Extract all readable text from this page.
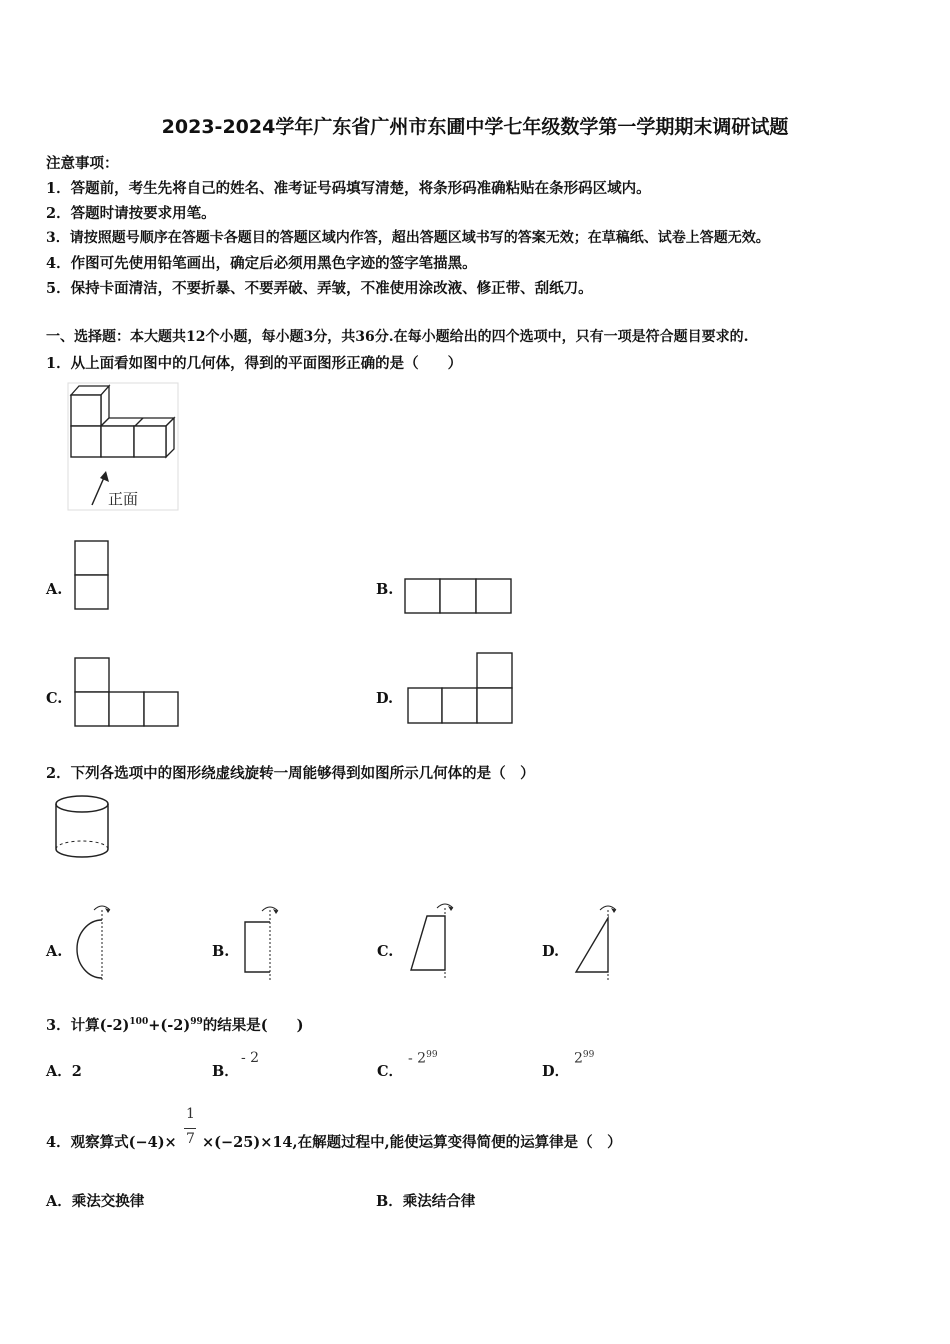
2023-2024学年广东省广州市东圃中学七年级数学第一学期期末调研试题
注意事项：
1．答题前，考生先将自己的姓名、准考证号码填写清楚，将条形码准确粘贴在条形码区域内。
2．答题时请按要求用笔。
3．请按照题号顺序在答题卡各题目的答题区域内作答，超出答题区域书写的答案无效；在草稿纸、试卷上答题无效。
4．作图可先使用铅笔画出，确定后必须用黑色字迹的签字笔描黑。
5．保持卡面清洁，不要折暴、不要弄破、弄皱，不准使用涂改液、修正带、刮纸刀。
一、选择题：本大题共12个小题，每小题3分，共36分.在每小题给出的四个选项中，只有一项是符合题目要求的.
1．从上面看如图中的几何体，得到的平面图形正确的是（　　）
正面
A.	B.
C.	D.
2．下列各选项中的图形绕虚线旋转一周能够得到如图所示几何体的是（　）
A.	B.	C.	D.
3．计算$(-2)^{100}+(-2)^{99}$的结果是(　　)
A．2	B．
- 2
C．
- $2^{99}$
D．
$2^{99}$
4．观察算式(−4)×
1
7 ×(−25)×14,在解题过程中,能使运算变得简便的运算律是（　）
A．乘法交换律	B．乘法结合律
